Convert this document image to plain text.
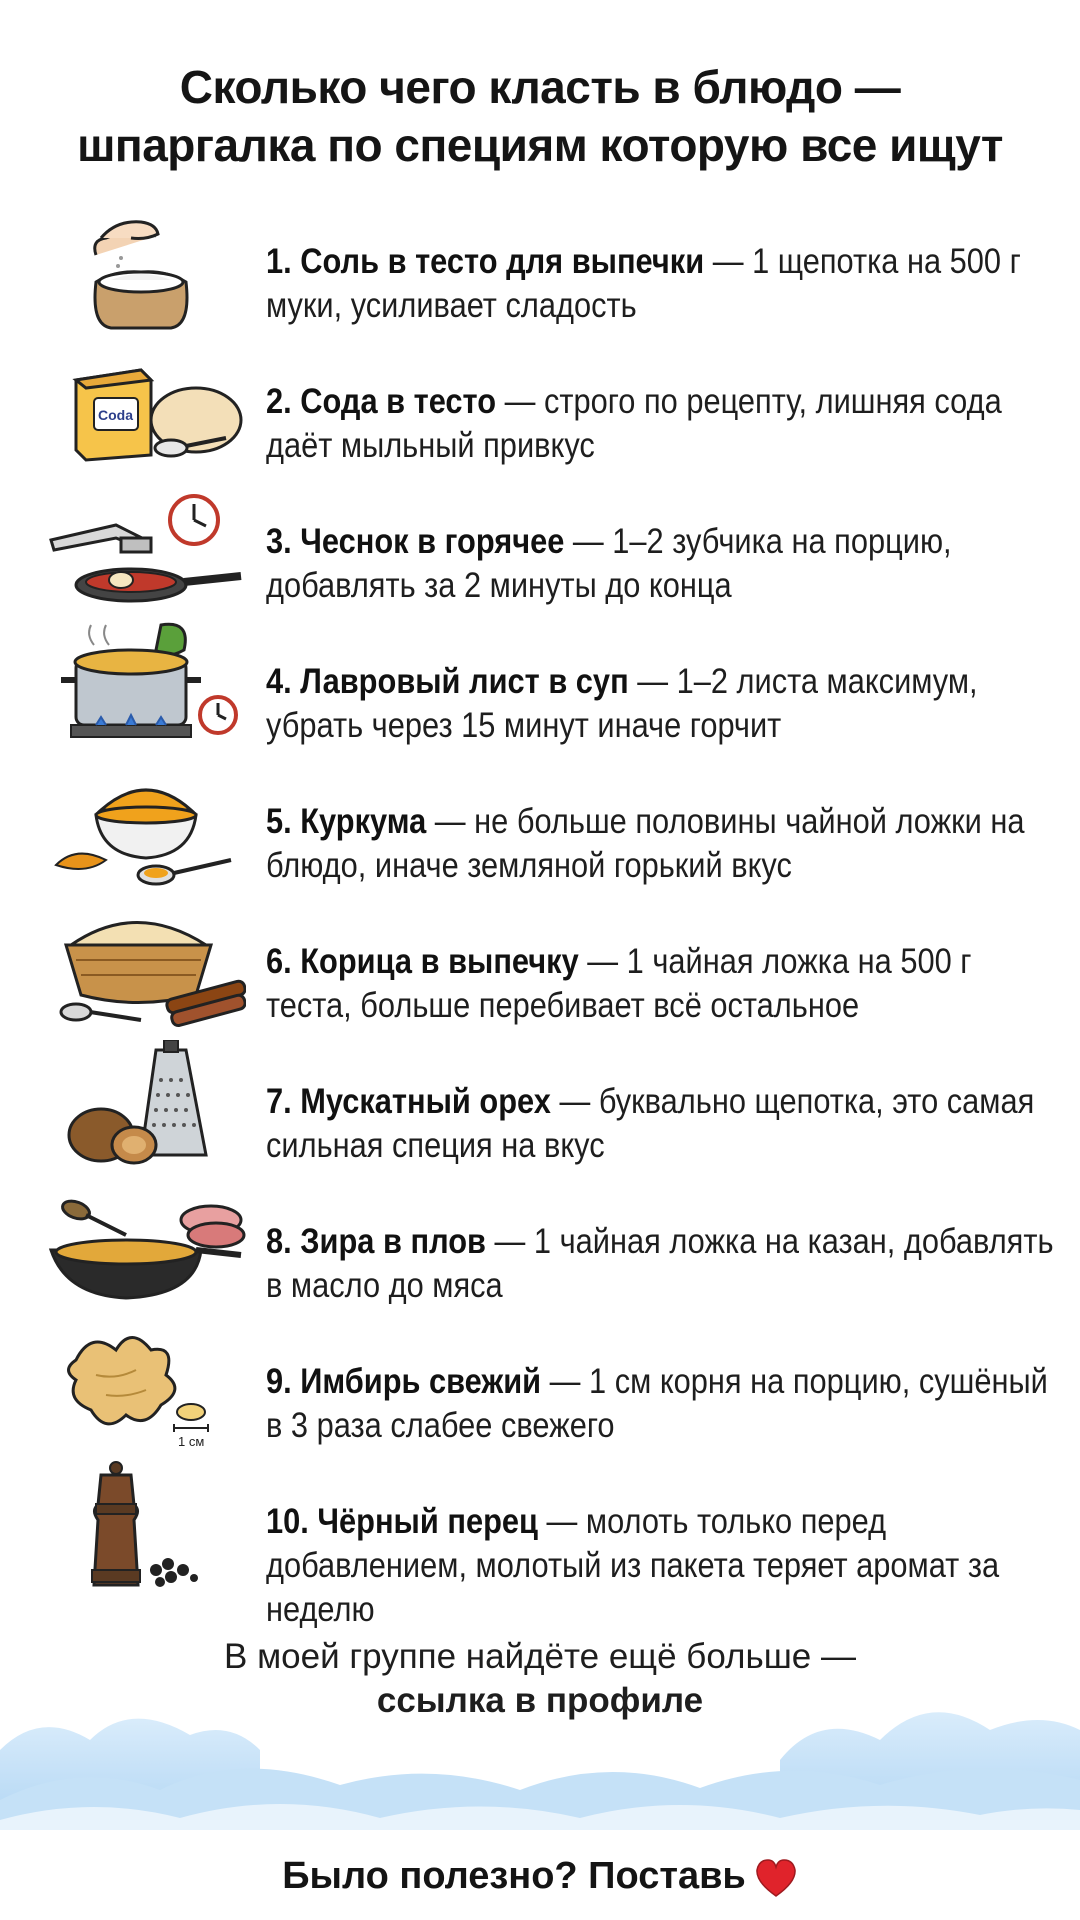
Сколько чего класть в блюдо —
шпаргалка по специям которую все ищут
1. Соль в тесто для выпечки — 1 щепотка на 500 г муки, усиливает сладость
Coda	2. Сода в тесто — строго по рецепту, лишняя сода даёт мыльный привкус
3. Чеснок в горячее — 1–2 зубчика на порцию, добавлять за 2 минуты до конца
4. Лавровый лист в суп — 1–2 листа максимум, убрать через 15 минут иначе горчит
5. Куркума — не больше половины чайной ложки на блюдо, иначе земляной горький вкус
6. Корица в выпечку — 1 чайная ложка на 500 г теста, больше перебивает всё остальное
7. Мускатный орех — буквально щепотка, это самая сильная специя на вкус
8. Зира в плов — 1 чайная ложка на казан, добавлять в масло до мяса
1 см
9. Имбирь свежий — 1 см корня на порцию, сушёный в 3 раза слабее свежего
10. Чёрный перец — молоть только перед добавлением, молотый из пакета теряет аромат за неделю
В моей группе найдёте ещё больше —
ссылка в профиле
Было полезно? Поставь
